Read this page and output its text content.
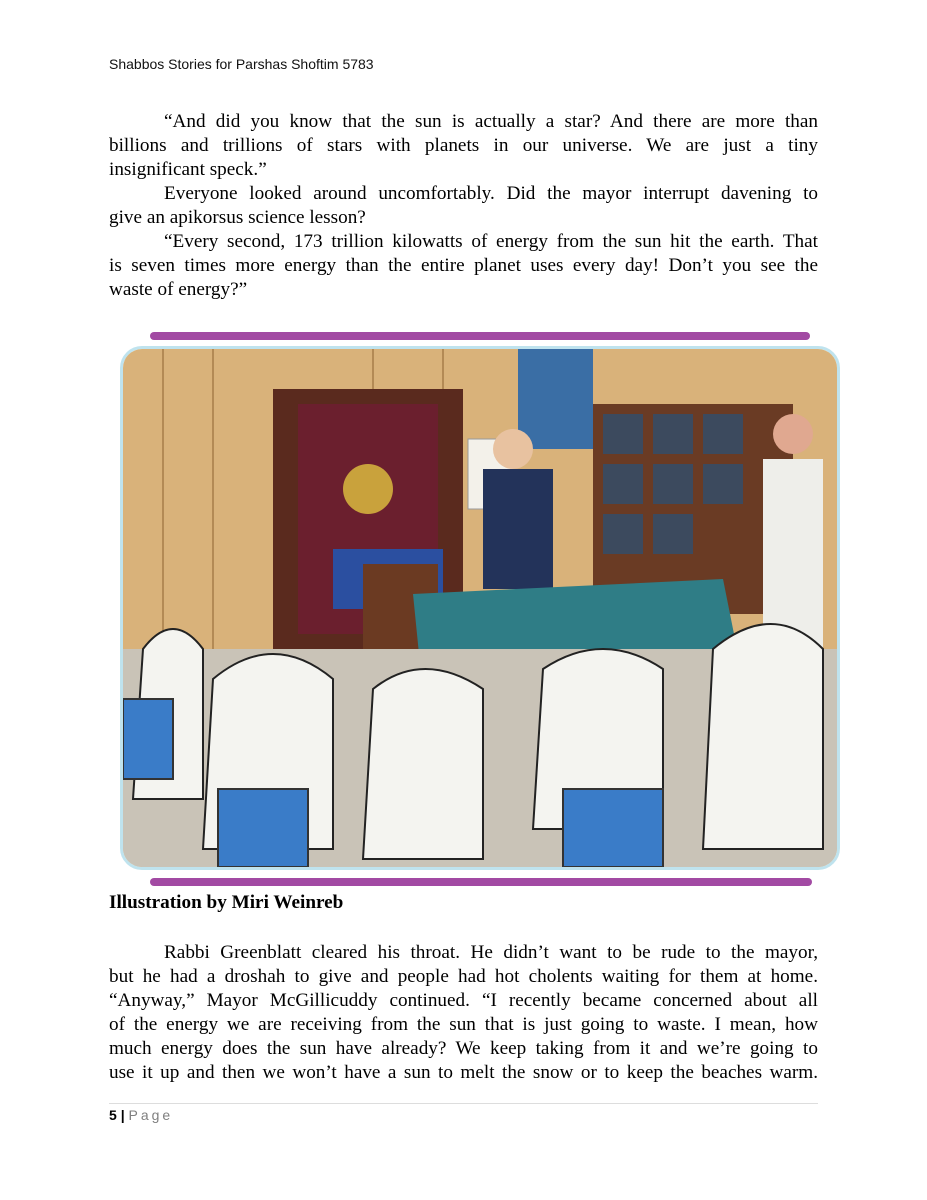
Shabbos Stories for Parshas Shoftim 5783
“And did you know that the sun is actually a star? And there are more than
billions and trillions of stars with planets in our universe. We are just a tiny
insignificant speck.”
Everyone looked around uncomfortably. Did the mayor interrupt davening to
give an apikorsus science lesson?
“Every second, 173 trillion kilowatts of energy from the sun hit the earth. That
is seven times more energy than the entire planet uses every day! Don’t you see the
waste of energy?”
Illustration by Miri Weinreb
Rabbi Greenblatt cleared his throat. He didn’t want to be rude to the mayor,
but he had a droshah to give and people had hot cholents waiting for them at home.
“Anyway,” Mayor McGillicuddy continued. “I recently became concerned about all
of the energy we are receiving from the sun that is just going to waste. I mean, how
much energy does the sun have already? We keep taking from it and we’re going to
use it up and then we won’t have a sun to melt the snow or to keep the beaches warm.
5 | Page
